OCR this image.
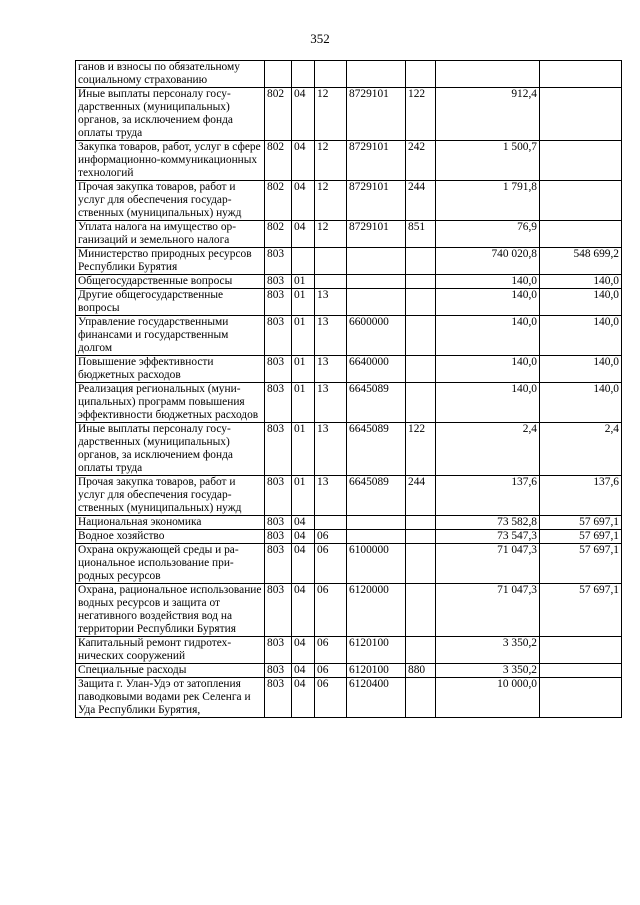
352
ганов и взносы по обязательному социальному страхованию							
Иные выплаты персоналу государственных (муниципальных) органов, за исключением фонда оплаты труда	802	04	12	8729101	122	912,4	
Закупка товаров, работ, услуг в сфере информационно-коммуникационных технологий	802	04	12	8729101	242	1 500,7	
Прочая закупка товаров, работ и услуг для обеспечения государственных (муниципальных) нужд	802	04	12	8729101	244	1 791,8	
Уплата налога на имущество организаций и земельного налога	802	04	12	8729101	851	76,9	
Министерство природных ресурсов Республики Бурятия	803					740 020,8	548 699,2
Общегосударственные вопросы	803	01				140,0	140,0
Другие общегосударственные вопросы	803	01	13			140,0	140,0
Управление государственными финансами и государственным долгом	803	01	13	6600000		140,0	140,0
Повышение эффективности бюджетных расходов	803	01	13	6640000		140,0	140,0
Реализация региональных (муниципальных) программ повышения эффективности бюджетных расходов	803	01	13	6645089		140,0	140,0
Иные выплаты персоналу государственных (муниципальных) органов, за исключением фонда оплаты труда	803	01	13	6645089	122	2,4	2,4
Прочая закупка товаров, работ и услуг для обеспечения государственных (муниципальных) нужд	803	01	13	6645089	244	137,6	137,6
Национальная экономика	803	04				73 582,8	57 697,1
Водное хозяйство	803	04	06			73 547,3	57 697,1
Охрана окружающей среды и рациональное использование природных ресурсов	803	04	06	6100000		71 047,3	57 697,1
Охрана, рациональное использование водных ресурсов и защита от негативного воздействия вод на территории Республики Бурятия	803	04	06	6120000		71 047,3	57 697,1
Капитальный ремонт гидротехнических сооружений	803	04	06	6120100		3 350,2	
Специальные расходы	803	04	06	6120100	880	3 350,2	
Защита г. Улан-Удэ от затопления паводковыми водами рек Селенга и Уда Республики Бурятия,	803	04	06	6120400		10 000,0	
